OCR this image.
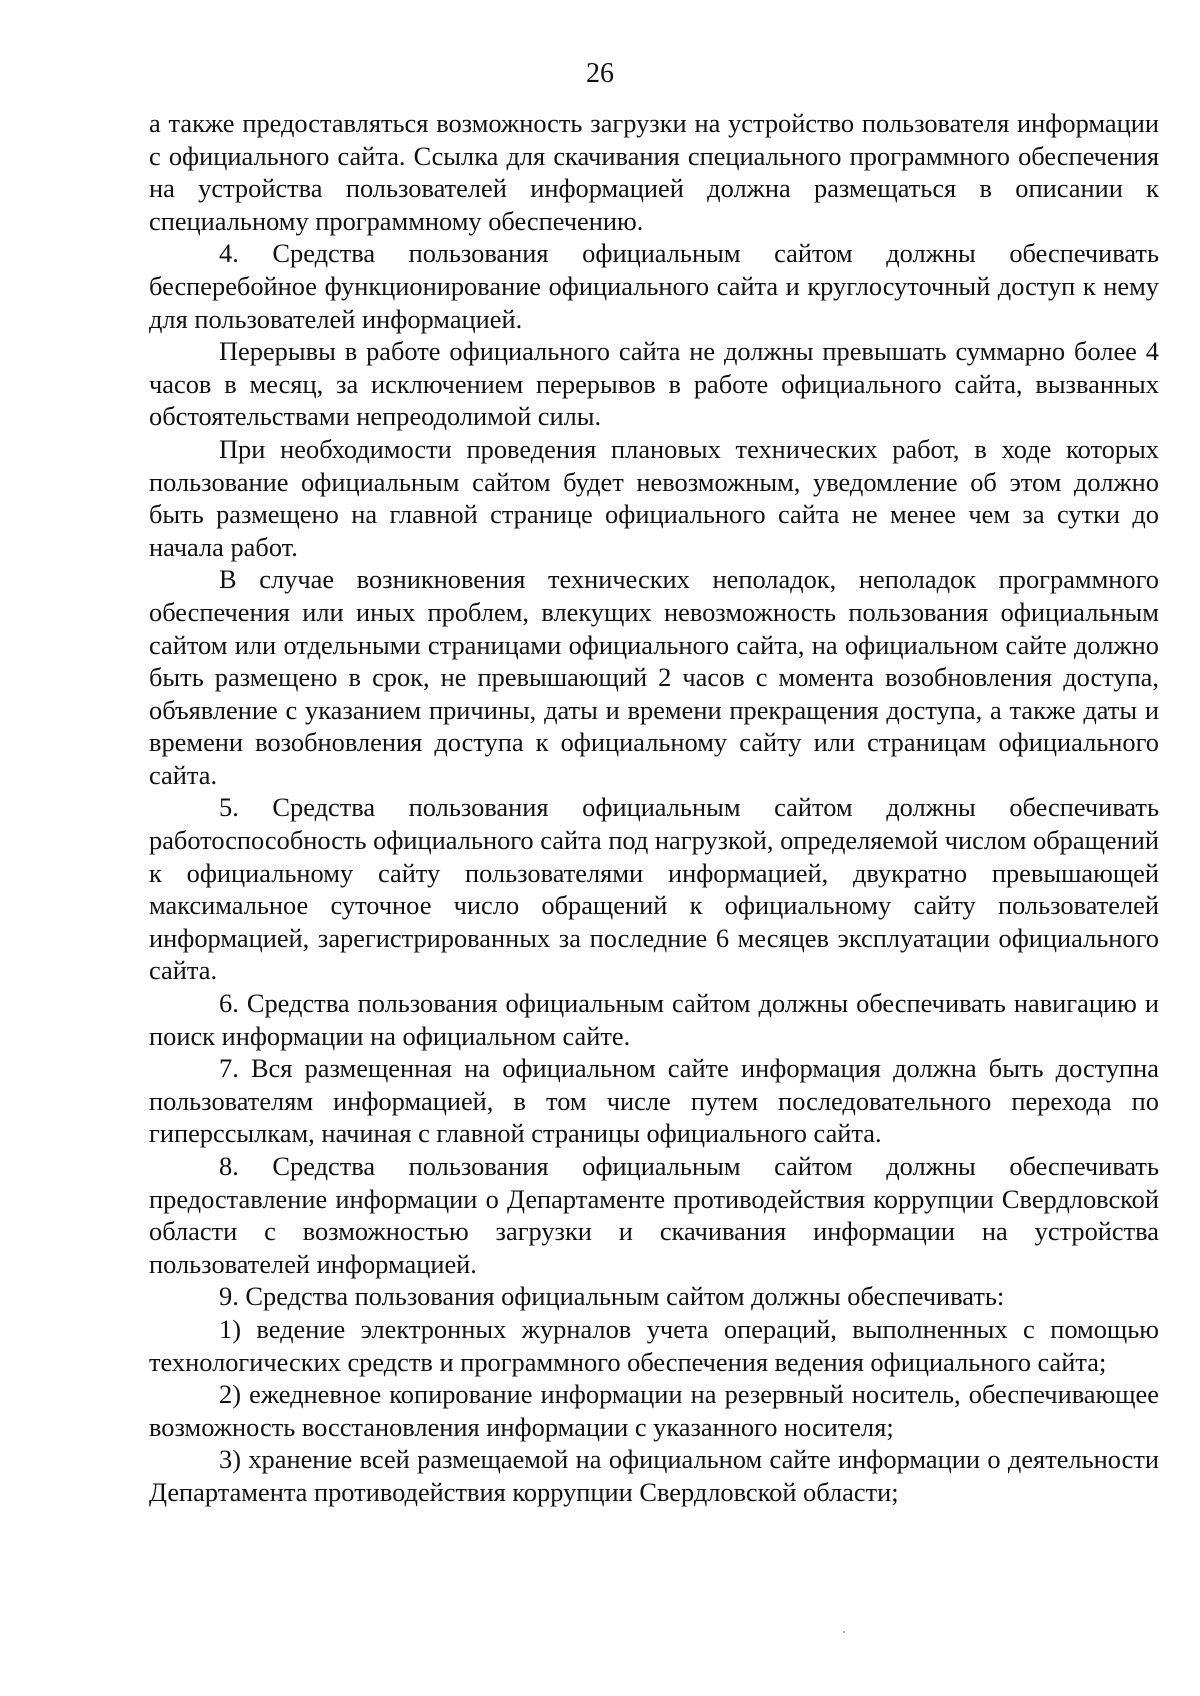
26

а также предоставляться возможность загрузки на устройство пользователя информации с официального сайта. Ссылка для скачивания специального программного обеспечения на устройства пользователей информацией должна размещаться в описании к специальному программному обеспечению.

4. Средства пользования официальным сайтом должны обеспечивать бесперебойное функционирование официального сайта и круглосуточный доступ к нему для пользователей информацией.

Перерывы в работе официального сайта не должны превышать суммарно более 4 часов в месяц, за исключением перерывов в работе официального сайта, вызванных обстоятельствами непреодолимой силы.

При необходимости проведения плановых технических работ, в ходе которых пользование официальным сайтом будет невозможным, уведомление об этом должно быть размещено на главной странице официального сайта не менее чем за сутки до начала работ.

В случае возникновения технических неполадок, неполадок программного обеспечения или иных проблем, влекущих невозможность пользования официальным сайтом или отдельными страницами официального сайта, на официальном сайте должно быть размещено в срок, не превышающий 2 часов с момента возобновления доступа, объявление с указанием причины, даты и времени прекращения доступа, а также даты и времени возобновления доступа к официальному сайту или страницам официального сайта.

5. Средства пользования официальным сайтом должны обеспечивать работоспособность официального сайта под нагрузкой, определяемой числом обращений к официальному сайту пользователями информацией, двукратно превышающей максимальное суточное число обращений к официальному сайту пользователей информацией, зарегистрированных за последние 6 месяцев эксплуатации официального сайта.

6. Средства пользования официальным сайтом должны обеспечивать навигацию и поиск информации на официальном сайте.

7. Вся размещенная на официальном сайте информация должна быть доступна пользователям информацией, в том числе путем последовательного перехода по гиперссылкам, начиная с главной страницы официального сайта.

8. Средства пользования официальным сайтом должны обеспечивать предоставление информации о Департаменте противодействия коррупции Свердловской области с возможностью загрузки и скачивания информации на устройства пользователей информацией.

9. Средства пользования официальным сайтом должны обеспечивать:

1) ведение электронных журналов учета операций, выполненных с помощью технологических средств и программного обеспечения ведения официального сайта;

2) ежедневное копирование информации на резервный носитель, обеспечивающее возможность восстановления информации с указанного носителя;

3) хранение всей размещаемой на официальном сайте информации о деятельности Департамента противодействия коррупции Свердловской области;
